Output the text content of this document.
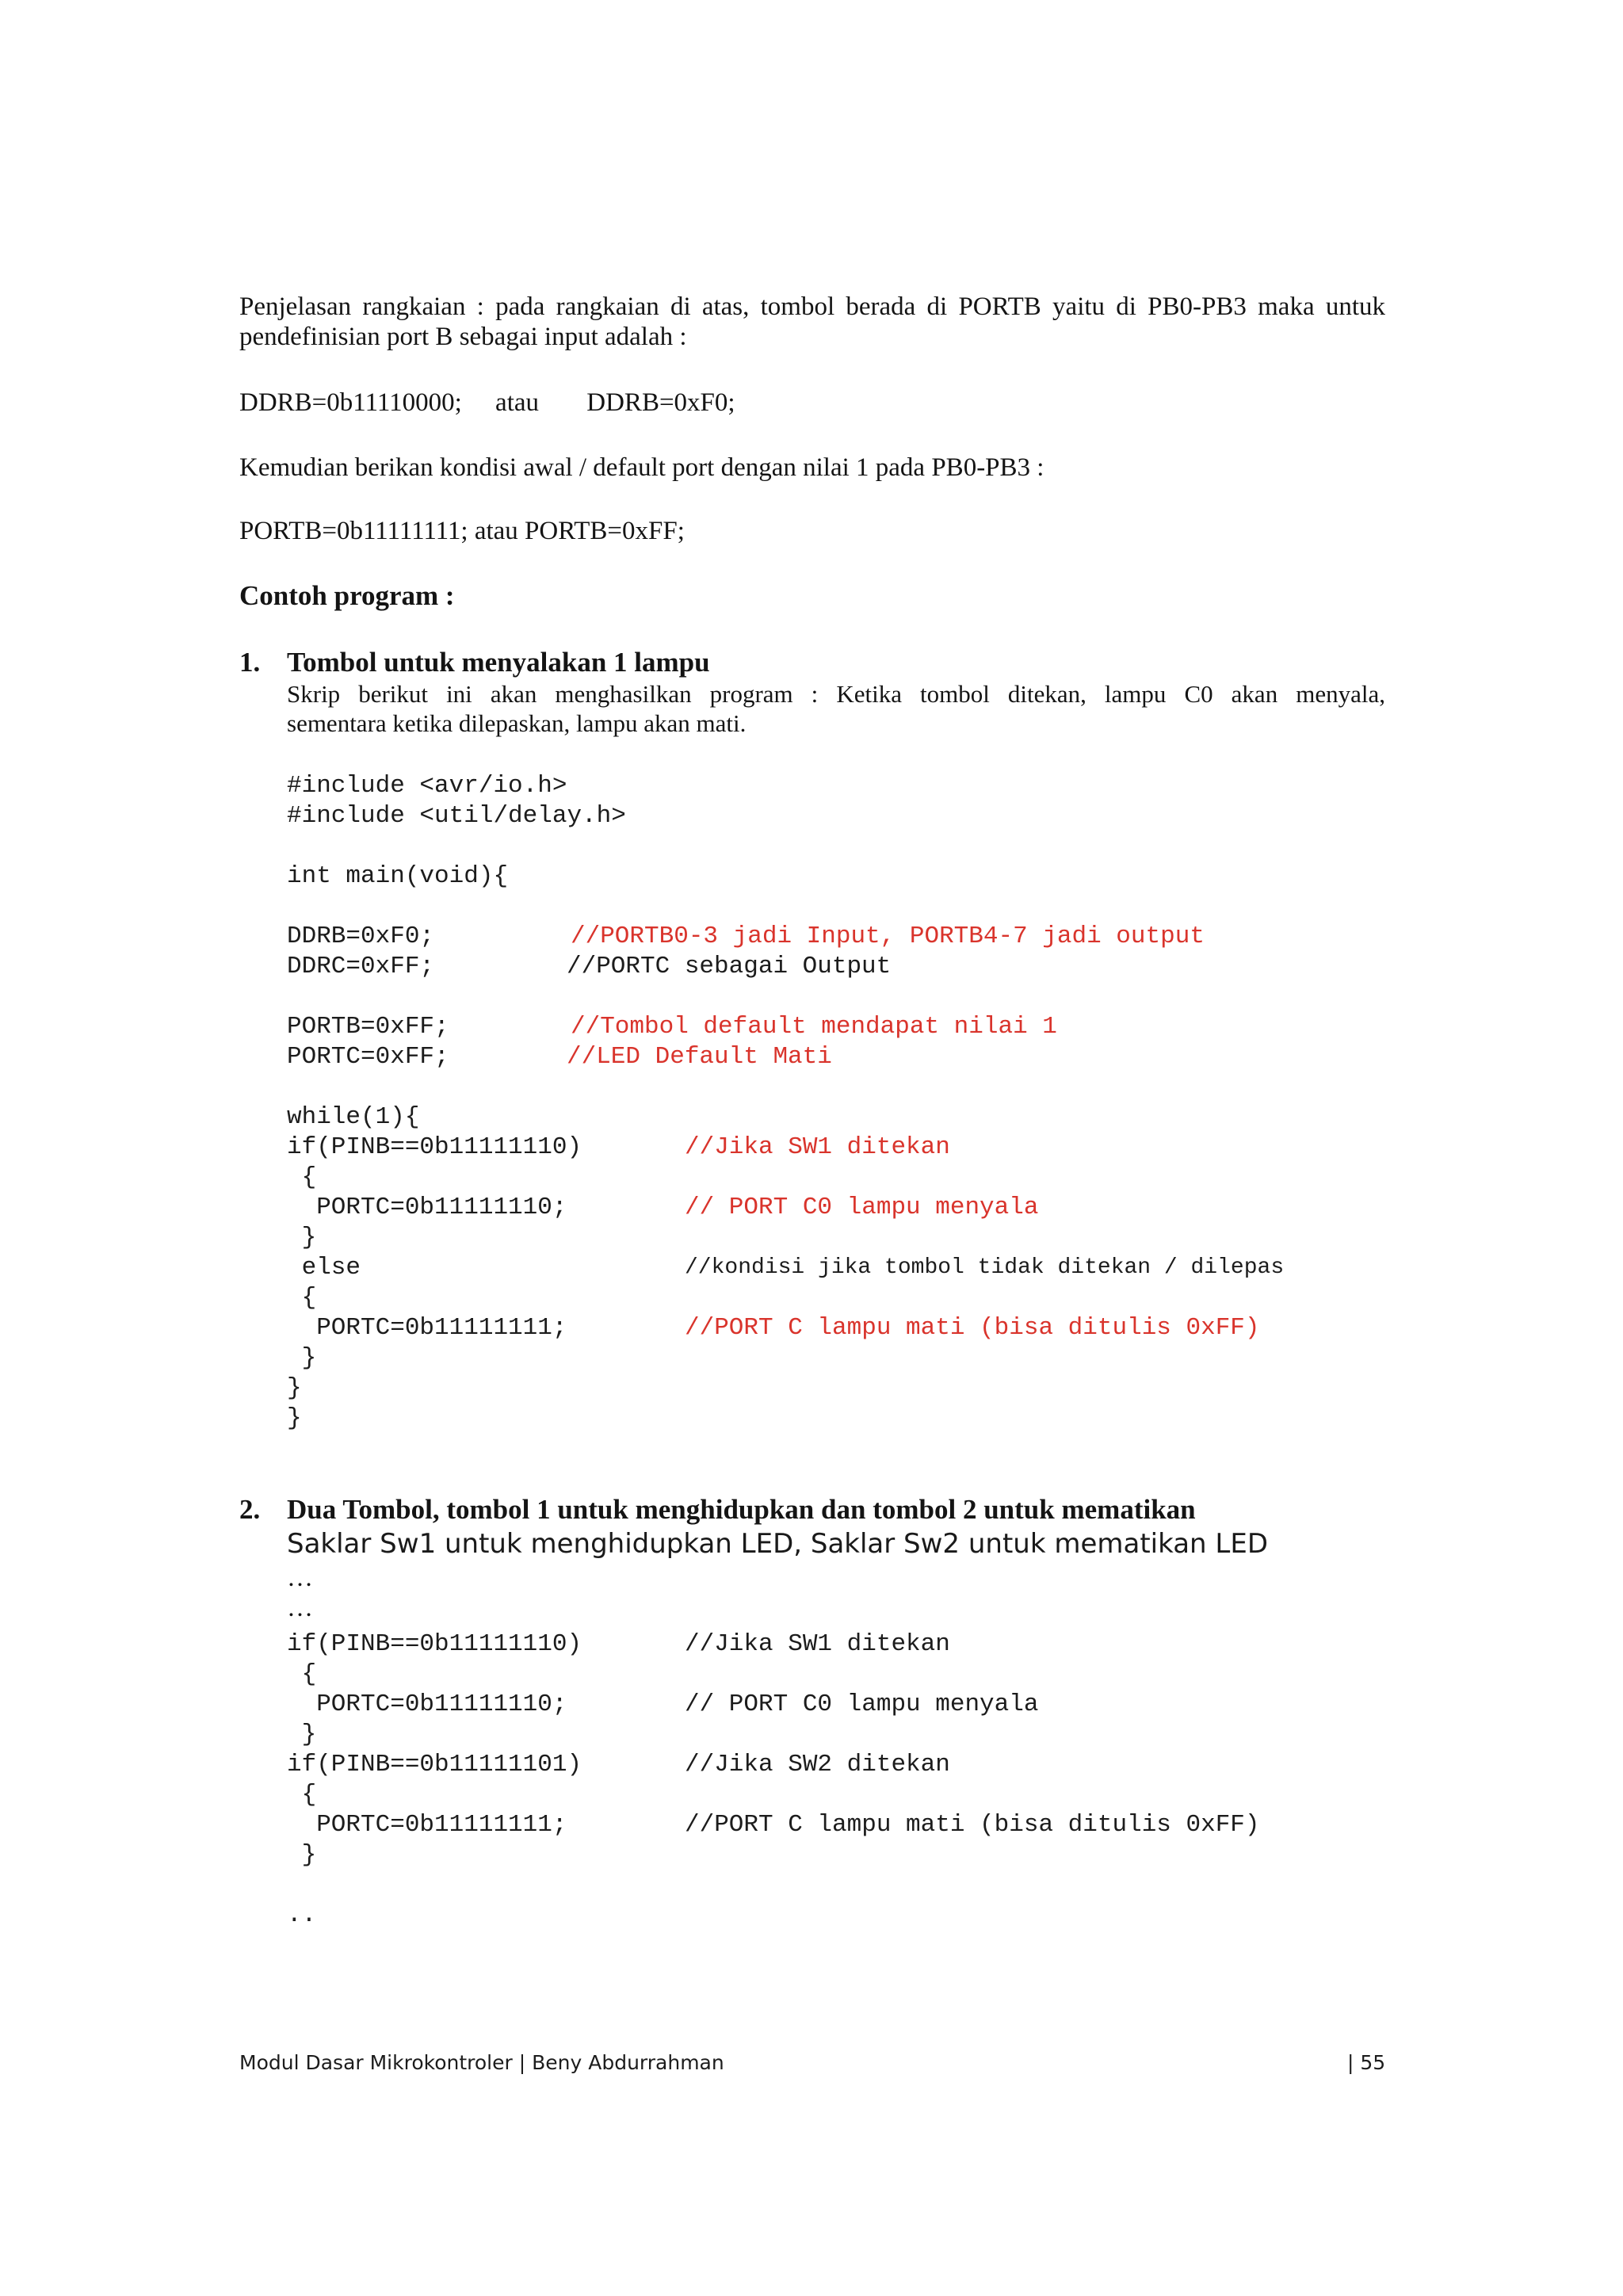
Penjelasan rangkaian : pada rangkaian di atas, tombol berada di PORTB yaitu di PB0-PB3 maka untuk
pendefinisian port B sebagai input adalah :
DDRB=0b11110000; atau DDRB=0xF0;
Kemudian berikan kondisi awal / default port dengan nilai 1 pada PB0-PB3 :
PORTB=0b11111111; atau PORTB=0xFF;
Contoh program :
1. Tombol untuk menyalakan 1 lampu
Skrip berikut ini akan menghasilkan program : Ketika tombol ditekan, lampu C0 akan menyala,
sementara ketika dilepaskan, lampu akan mati.
#include <avr/io.h>
#include <util/delay.h>
int main(void){
DDRB=0xF0;	//PORTB0-3 jadi Input, PORTB4-7 jadi output
DDRC=0xFF;	//PORTC sebagai Output
PORTB=0xFF;	//Tombol default mendapat nilai 1
PORTC=0xFF;	//LED Default Mati
while(1){
if(PINB==0b11111110)	//Jika SW1 ditekan
{
PORTC=0b11111110;	// PORT C0 lampu menyala
}
else	//kondisi jika tombol tidak ditekan / dilepas
{
PORTC=0b11111111;	//PORT C lampu mati (bisa ditulis 0xFF)
}
}
}
2. Dua Tombol, tombol 1 untuk menghidupkan dan tombol 2 untuk mematikan
Saklar Sw1 untuk menghidupkan LED, Saklar Sw2 untuk mematikan LED
…
…
if(PINB==0b11111110)	//Jika SW1 ditekan
{
PORTC=0b11111110;	// PORT C0 lampu menyala
}
if(PINB==0b11111101)	//Jika SW2 ditekan
{
PORTC=0b11111111;	//PORT C lampu mati (bisa ditulis 0xFF)
}
..
Modul Dasar Mikrokontroler | Beny Abdurrahman	| 55
